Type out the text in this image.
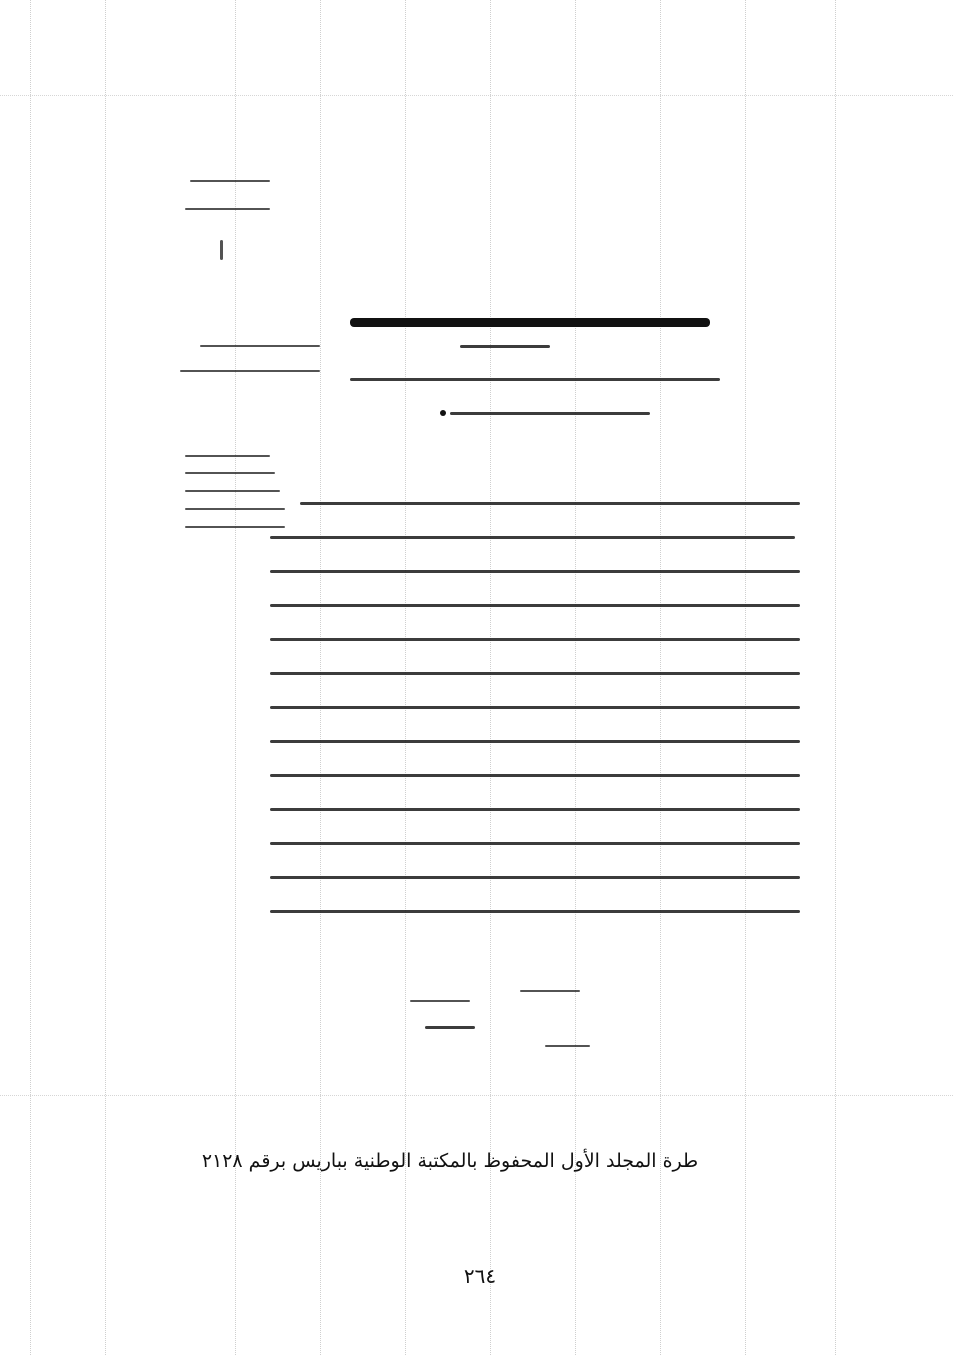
طرة المجلد الأول المحفوظ بالمكتبة الوطنية بباريس برقم ٢١٢٨
٢٦٤
